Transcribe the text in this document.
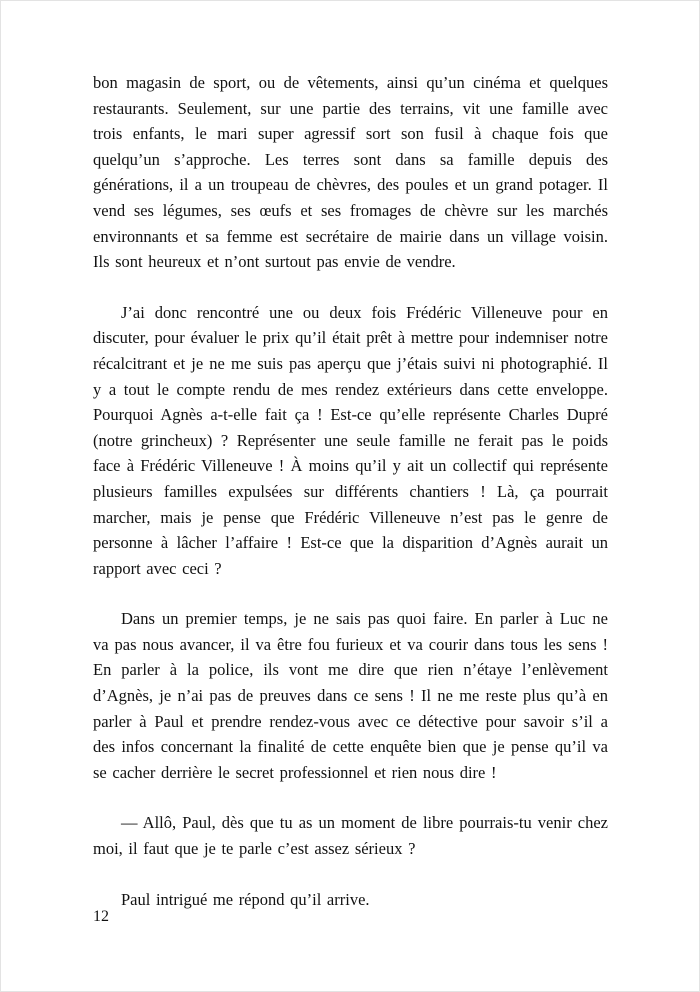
bon magasin de sport, ou de vêtements, ainsi qu’un cinéma et quelques restaurants. Seulement, sur une partie des terrains, vit une famille avec trois enfants, le mari super agressif sort son fusil à chaque fois que quelqu’un s’approche. Les terres sont dans sa famille depuis des générations, il a un troupeau de chèvres, des poules et un grand potager. Il vend ses légumes, ses œufs et ses fromages de chèvre sur les marchés environnants et sa femme est secrétaire de mairie dans un village voisin. Ils sont heureux et n’ont surtout pas envie de vendre.

J’ai donc rencontré une ou deux fois Frédéric Villeneuve pour en discuter, pour évaluer le prix qu’il était prêt à mettre pour indemniser notre récalcitrant et je ne me suis pas aperçu que j’étais suivi ni photographié. Il y a tout le compte rendu de mes rendez extérieurs dans cette enveloppe. Pourquoi Agnès a-t-elle fait ça ! Est-ce qu’elle représente Charles Dupré (notre grincheux) ? Représenter une seule famille ne ferait pas le poids face à Frédéric Villeneuve ! À moins qu’il y ait un collectif qui représente plusieurs familles expulsées sur différents chantiers ! Là, ça pourrait marcher, mais je pense que Frédéric Villeneuve n’est pas le genre de personne à lâcher l’affaire ! Est-ce que la disparition d’Agnès aurait un rapport avec ceci ?

Dans un premier temps, je ne sais pas quoi faire. En parler à Luc ne va pas nous avancer, il va être fou furieux et va courir dans tous les sens ! En parler à la police, ils vont me dire que rien n’étaye l’enlèvement d’Agnès, je n’ai pas de preuves dans ce sens ! Il ne me reste plus qu’à en parler à Paul et prendre rendez-vous avec ce détective pour savoir s’il a des infos concernant la finalité de cette enquête bien que je pense qu’il va se cacher derrière le secret professionnel et rien nous dire !

— Allô, Paul, dès que tu as un moment de libre pourrais-tu venir chez moi, il faut que je te parle c’est assez sérieux ?

Paul intrigué me répond qu’il arrive.

12
